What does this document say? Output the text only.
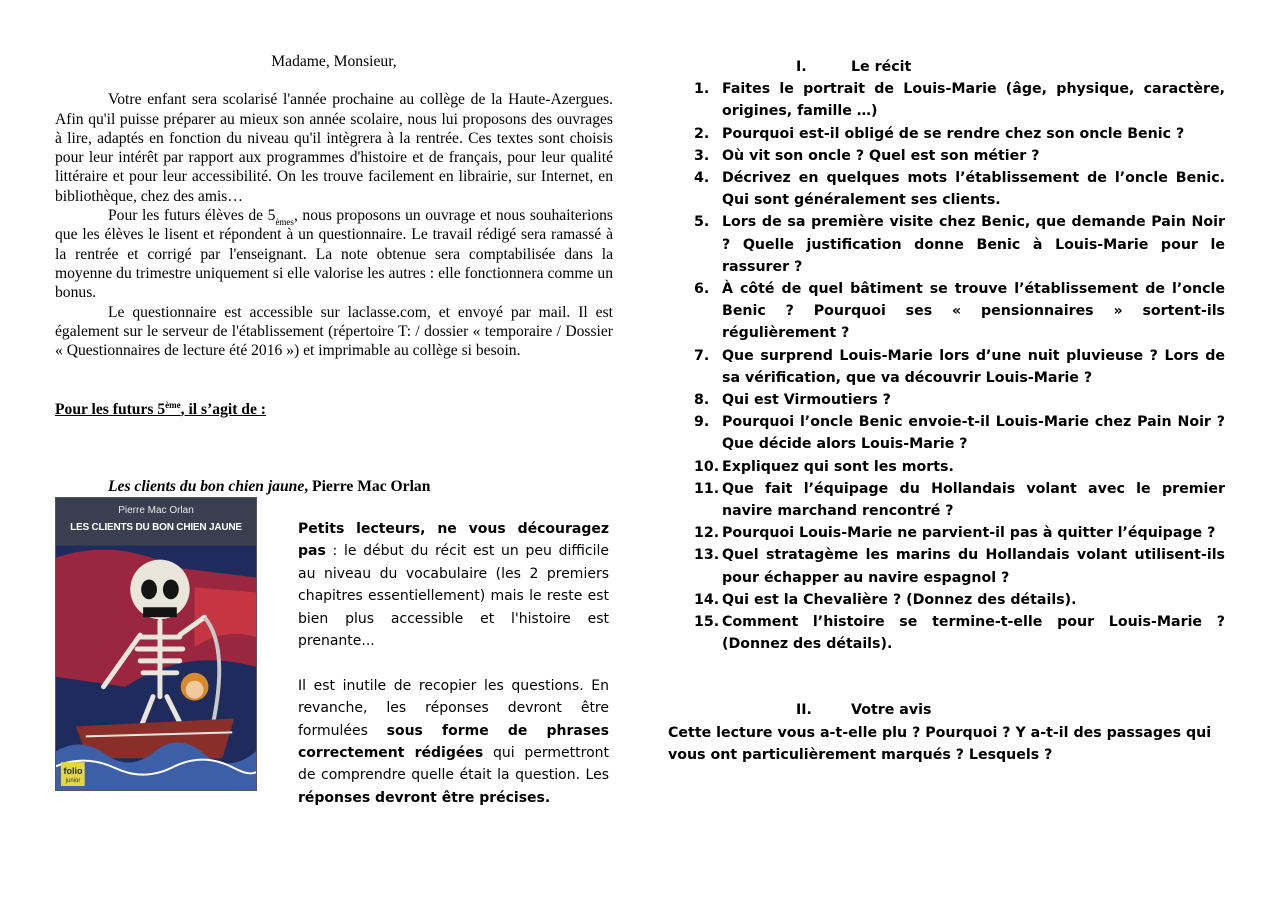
Madame, Monsieur,

Votre enfant sera scolarisé l'année prochaine au collège de la Haute-Azergues. Afin qu'il puisse préparer au mieux son année scolaire, nous lui proposons des ouvrages à lire, adaptés en fonction du niveau qu'il intègrera à la rentrée. Ces textes sont choisis pour leur intérêt par rapport aux programmes d'histoire et de français, pour leur qualité littéraire et pour leur accessibilité. On les trouve facilement en librairie, sur Internet, en bibliothèque, chez des amis…

Pour les futurs élèves de $5_{èmes}$, nous proposons un ouvrage et nous souhaiterions que les élèves le lisent et répondent à un questionnaire. Le travail rédigé sera ramassé à la rentrée et corrigé par l'enseignant. La note obtenue sera comptabilisée dans la moyenne du trimestre uniquement si elle valorise les autres : elle fonctionnera comme un bonus.

Le questionnaire est accessible sur laclasse.com, et envoyé par mail. Il est également sur le serveur de l'établissement (répertoire T: / dossier « temporaire / Dossier « Questionnaires de lecture été 2016 ») et imprimable au collège si besoin.

Pour les futurs 5ème, il s’agit de :
Les clients du bon chien jaune, Pierre Mac Orlan
Pierre Mac Orlan
LES CLIENTS DU BON CHIEN JAUNE
folio
junior

Petits lecteurs, ne vous découragez pas : le début du récit est un peu difficile au niveau du vocabulaire (les 2 premiers chapitres essentiellement) mais le reste est bien plus accessible et l'histoire est prenante...

Il est inutile de recopier les questions. En revanche, les réponses devront être formulées sous forme de phrases correctement rédigées qui permettront de comprendre quelle était la question. Les réponses devront être précises.

I.	Le récit
1. Faites le portrait de Louis-Marie (âge, physique, caractère, origines, famille …)
2. Pourquoi est-il obligé de se rendre chez son oncle Benic ?
3. Où vit son oncle ? Quel est son métier ?
4. Décrivez en quelques mots l’établissement de l’oncle Benic. Qui sont généralement ses clients.
5. Lors de sa première visite chez Benic, que demande Pain Noir ? Quelle justification donne Benic à Louis-Marie pour le rassurer ?
6. À côté de quel bâtiment se trouve l’établissement de l’oncle Benic ? Pourquoi ses « pensionnaires » sortent-ils régulièrement ?
7. Que surprend Louis-Marie lors d’une nuit pluvieuse ? Lors de sa vérification, que va découvrir Louis-Marie ?
8. Qui est Virmoutiers ?
9. Pourquoi l’oncle Benic envoie-t-il Louis-Marie chez Pain Noir ? Que décide alors Louis-Marie ?
10. Expliquez qui sont les morts.
11. Que fait l’équipage du Hollandais volant avec le premier navire marchand rencontré ?
12. Pourquoi Louis-Marie ne parvient-il pas à quitter l’équipage ?
13. Quel stratagème les marins du Hollandais volant utilisent-ils pour échapper au navire espagnol ?
14. Qui est la Chevalière ? (Donnez des détails).
15. Comment l’histoire se termine-t-elle pour Louis-Marie ? (Donnez des détails).
II.	Votre avis

Cette lecture vous a-t-elle plu ? Pourquoi ? Y a-t-il des passages qui vous ont particulièrement marqués ? Lesquels ?
